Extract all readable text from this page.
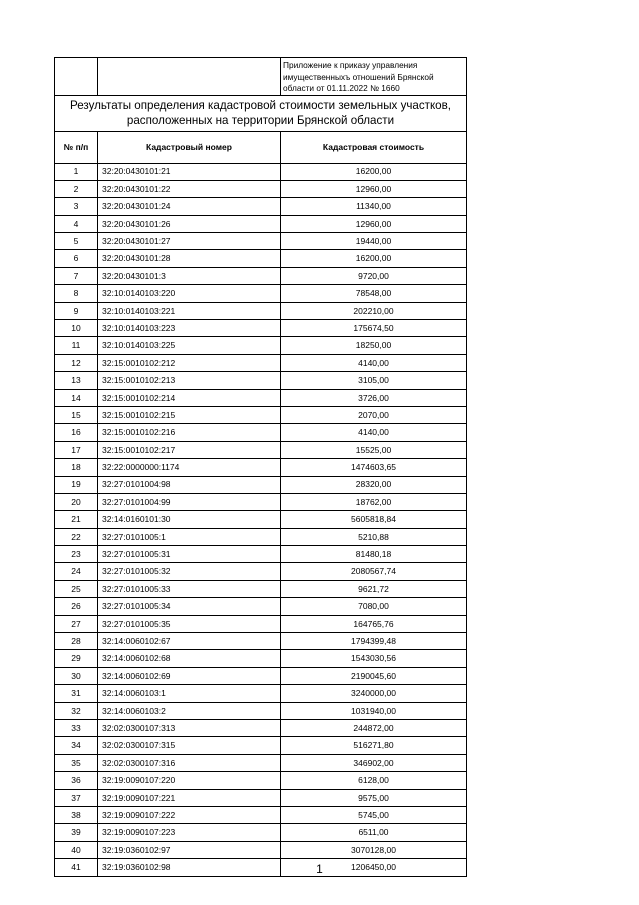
		Приложение к приказу управления
имущественныхъ отношений Брянской
области от 01.11.2022 № 1660

Результаты определения кадастровой стоимости земельных участков,
расположенных на территории Брянской области		

№ п/п	Кадастровый номер	Кадастровая стоимость
1	32:20:0430101:21	16200,00
2	32:20:0430101:22	12960,00
3	32:20:0430101:24	11340,00
4	32:20:0430101:26	12960,00
5	32:20:0430101:27	19440,00
6	32:20:0430101:28	16200,00
7	32:20:0430101:3	9720,00
8	32:10:0140103:220	78548,00
9	32:10:0140103:221	202210,00
10	32:10:0140103:223	175674,50
11	32:10:0140103:225	18250,00
12	32:15:0010102:212	4140,00
13	32:15:0010102:213	3105,00
14	32:15:0010102:214	3726,00
15	32:15:0010102:215	2070,00
16	32:15:0010102:216	4140,00
17	32:15:0010102:217	15525,00
18	32:22:0000000:1174	1474603,65
19	32:27:0101004:98	28320,00
20	32:27:0101004:99	18762,00
21	32:14:0160101:30	5605818,84
22	32:27:0101005:1	5210,88
23	32:27:0101005:31	81480,18
24	32:27:0101005:32	2080567,74
25	32:27:0101005:33	9621,72
26	32:27:0101005:34	7080,00
27	32:27:0101005:35	164765,76
28	32:14:0060102:67	1794399,48
29	32:14:0060102:68	1543030,56
30	32:14:0060102:69	2190045,60
31	32:14:0060103:1	3240000,00
32	32:14:0060103:2	1031940,00
33	32:02:0300107:313	244872,00
34	32:02:0300107:315	516271,80
35	32:02:0300107:316	346902,00
36	32:19:0090107:220	6128,00
37	32:19:0090107:221	9575,00
38	32:19:0090107:222	5745,00
39	32:19:0090107:223	6511,00
40	32:19:0360102:97	3070128,00
41	32:19:0360102:98	1206450,00
1
